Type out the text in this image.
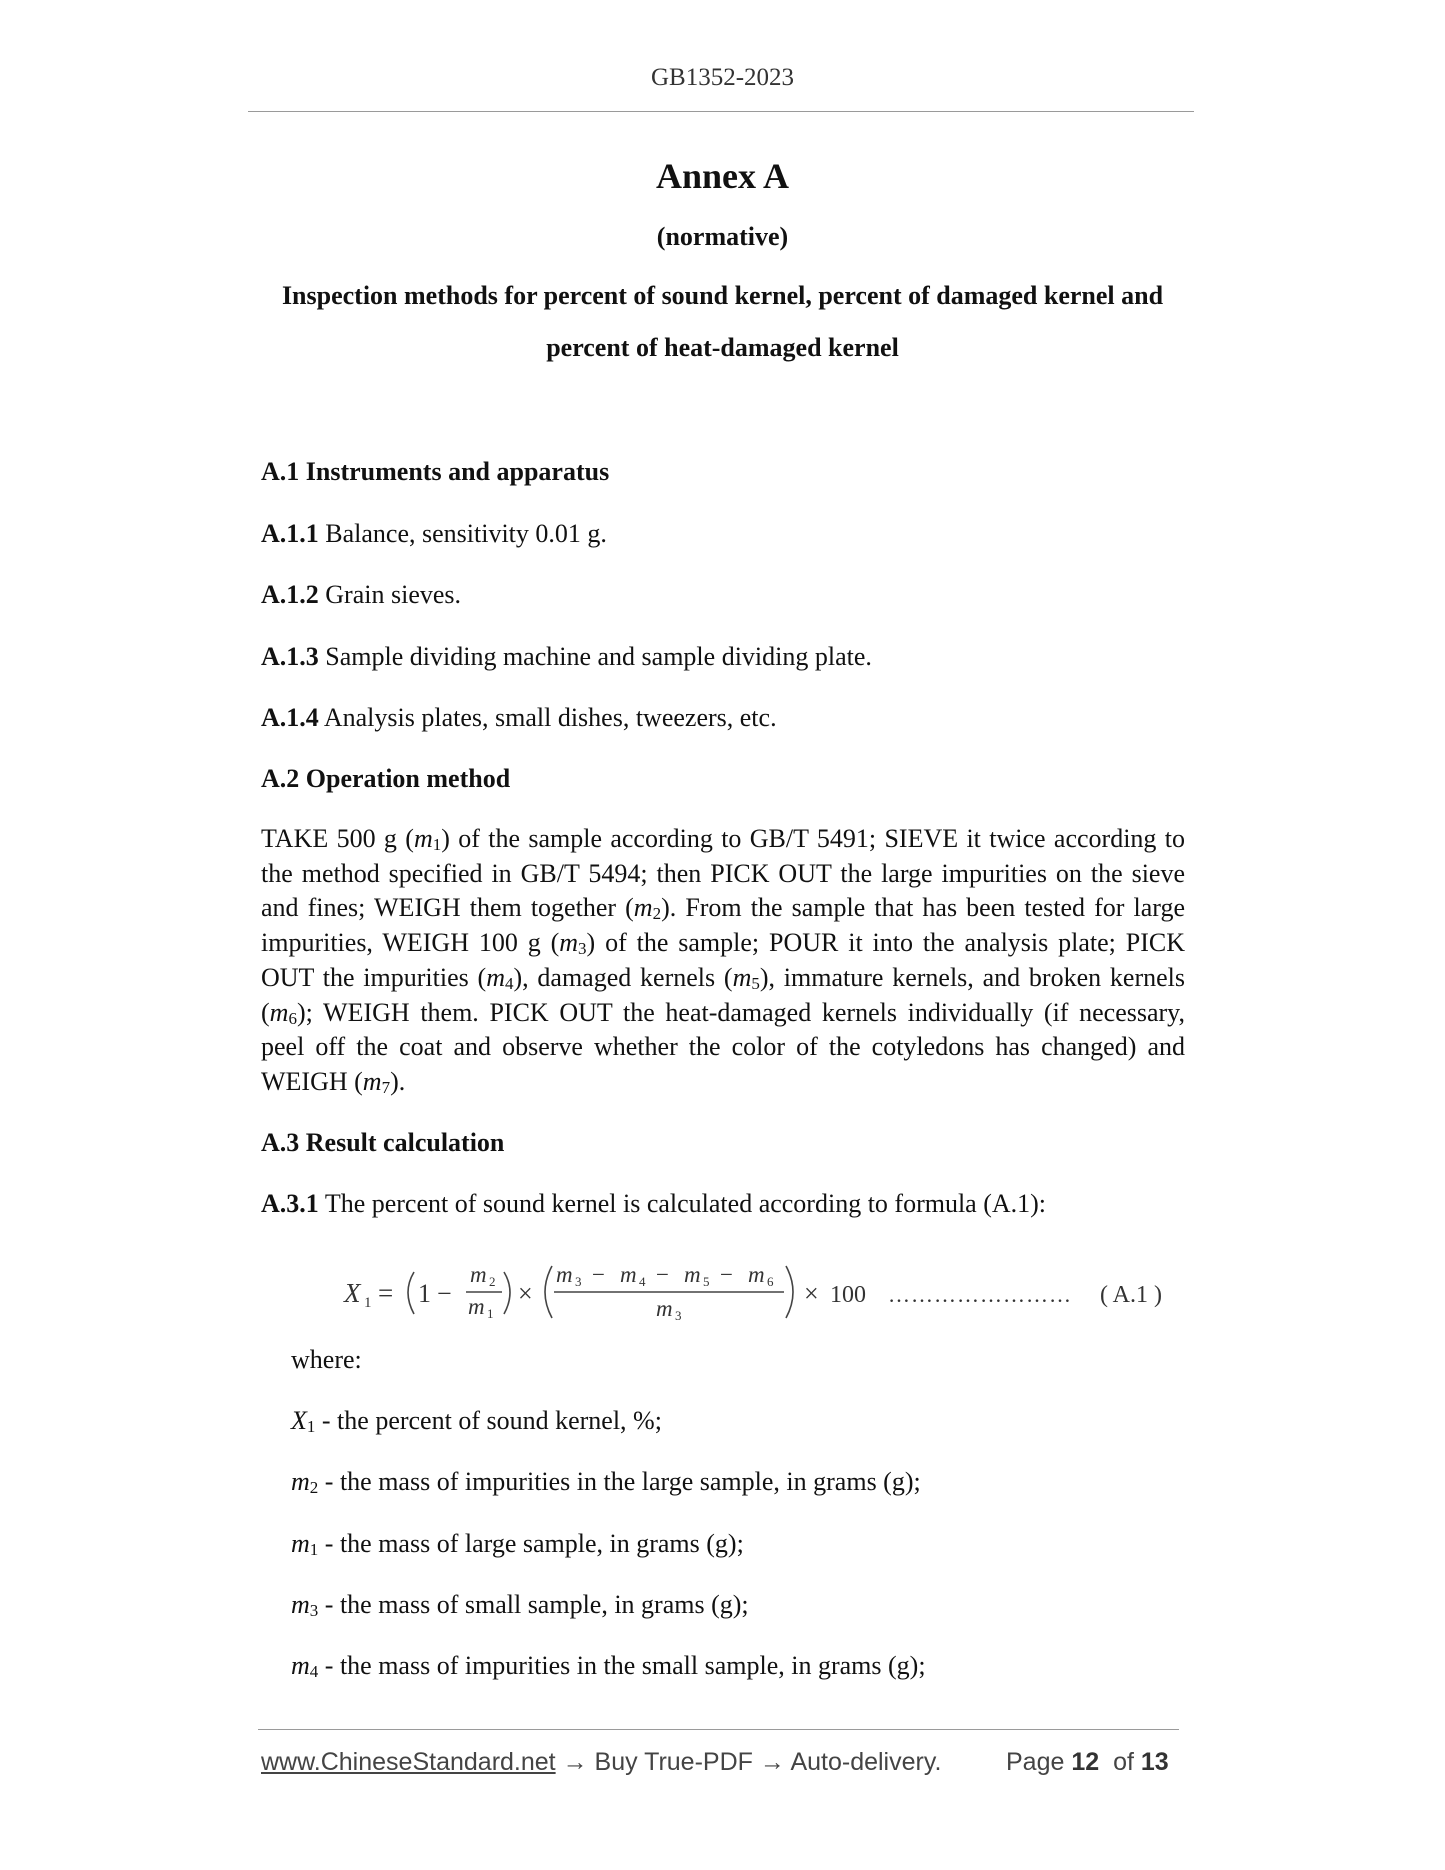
GB1352-2023
Annex A
(normative)
Inspection methods for percent of sound kernel, percent of damaged kernel and
percent of heat-damaged kernel
A.1 Instruments and apparatus
A.1.1 Balance, sensitivity 0.01 g.
A.1.2 Grain sieves.
A.1.3 Sample dividing machine and sample dividing plate.
A.1.4 Analysis plates, small dishes, tweezers, etc.
A.2 Operation method
TAKE 500 g $(m_1)$ of the sample according to GB/T 5491; SIEVE it twice according to the method specified in GB/T 5494; then PICK OUT the large impurities on the sieve and fines; WEIGH them together $(m_2)$. From the sample that has been tested for large impurities, WEIGH 100 g $(m_3)$ of the sample; POUR it into the analysis plate; PICK OUT the impurities $(m_4)$, damaged kernels $(m_5)$, immature kernels, and broken kernels $(m_6)$; WEIGH them. PICK OUT the heat-damaged kernels individually (if necessary, peel off the coat and observe whether the color of the cotyledons has changed) and WEIGH $(m_7)$.
A.3 Result calculation
A.3.1 The percent of sound kernel is calculated according to formula (A.1):
X 1 = 1 −
m 2
m 1
×
m 3 − m 4 − m 5 − m 6
m 3
× 100 …………………… ( A.1 )
where:
$X_1$ - the percent of sound kernel, %;
$m_2$ - the mass of impurities in the large sample, in grams (g);
$m_1$ - the mass of large sample, in grams (g);
$m_3$ - the mass of small sample, in grams (g);
$m_4$ - the mass of impurities in the small sample, in grams (g);
www.ChineseStandard.net → Buy True-PDF → Auto-delivery.	Page 12 of 13
